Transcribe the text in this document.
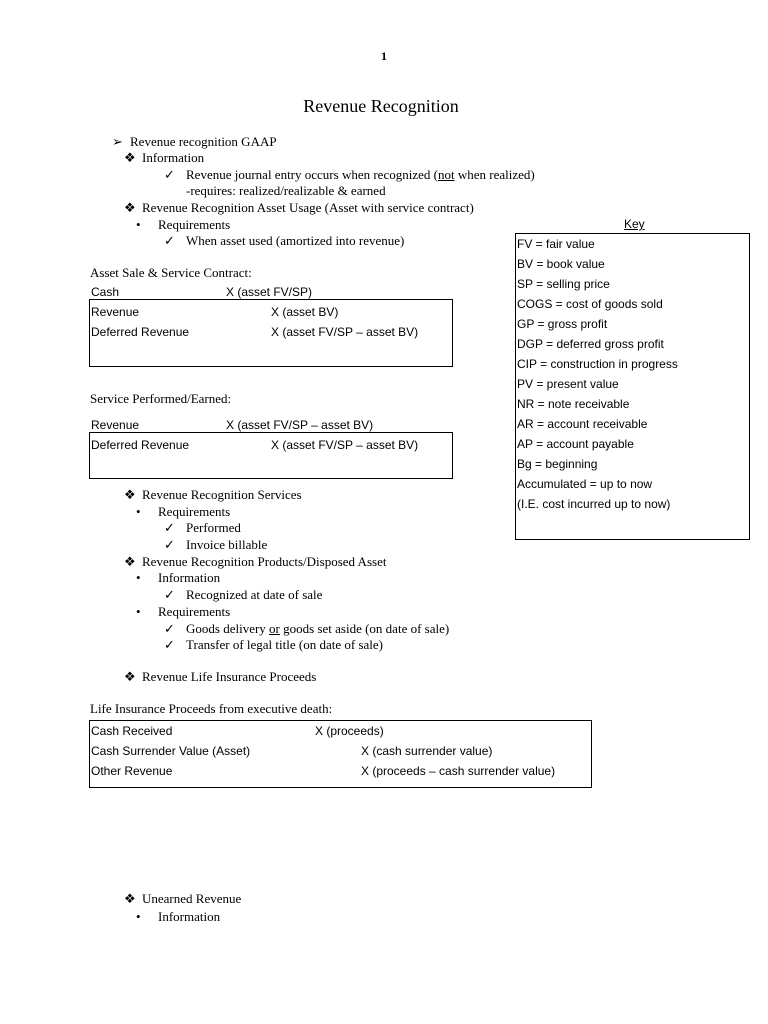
1
Revenue Recognition
➢ Revenue recognition GAAP
❖ Information
✓ Revenue journal entry occurs when recognized (not when realized)
-requires: realized/realizable & earned
❖ Revenue Recognition Asset Usage (Asset with service contract)
• Requirements
✓ When asset used (amortized into revenue)
Asset Sale & Service Contract:
Cash	X (asset FV/SP)
Revenue	X (asset BV)
Deferred Revenue	X (asset FV/SP – asset BV)
Service Performed/Earned:
Revenue	X (asset FV/SP – asset BV)
Deferred Revenue	X (asset FV/SP – asset BV)
Key
FV = fair value
BV = book value
SP = selling price
COGS = cost of goods sold
GP = gross profit
DGP = deferred gross profit
CIP = construction in progress
PV = present value
NR = note receivable
AR = account receivable
AP = account payable
Bg = beginning
Accumulated = up to now
(I.E. cost incurred up to now)
❖ Revenue Recognition Services
• Requirements
✓ Performed
✓ Invoice billable
❖ Revenue Recognition Products/Disposed Asset
• Information
✓ Recognized at date of sale
• Requirements
✓ Goods delivery or goods set aside (on date of sale)
✓ Transfer of legal title (on date of sale)
❖ Revenue Life Insurance Proceeds
Life Insurance Proceeds from executive death:
Cash Received	X (proceeds)
Cash Surrender Value (Asset)	X (cash surrender value)
Other Revenue	X (proceeds – cash surrender value)
❖ Unearned Revenue
• Information
